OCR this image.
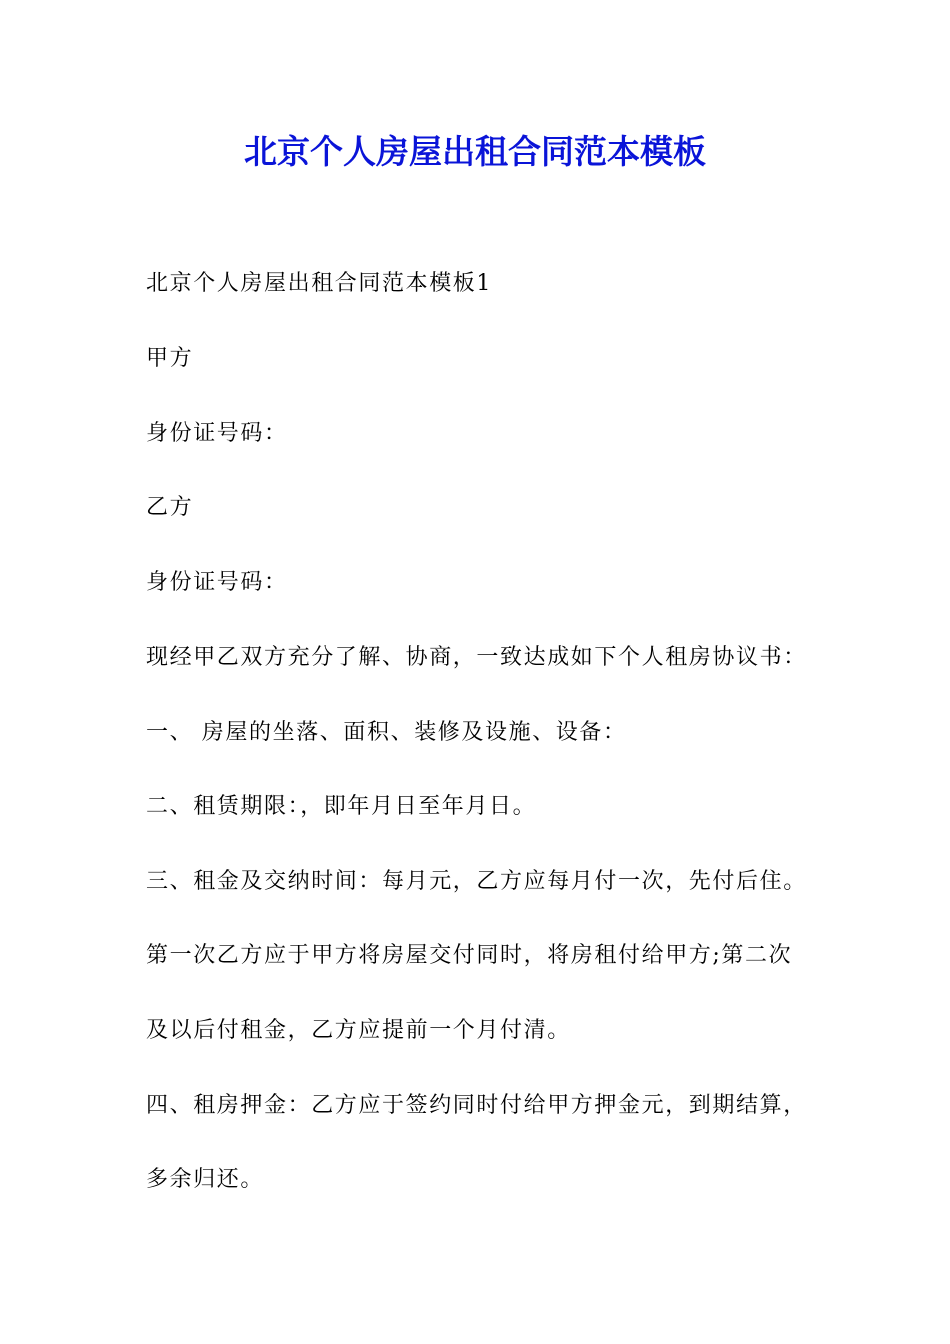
北京个人房屋出租合同范本模板
北京个人房屋出租合同范本模板1
甲方
身份证号码：
乙方
身份证号码：
现经甲乙双方充分了解、协商，一致达成如下个人租房协议书：
一、 房屋的坐落、面积、装修及设施、设备：
二、租赁期限：，即年月日至年月日。
三、租金及交纳时间：每月元，乙方应每月付一次，先付后住。
第一次乙方应于甲方将房屋交付同时，将房租付给甲方;第二次
及以后付租金，乙方应提前一个月付清。
四、租房押金：乙方应于签约同时付给甲方押金元，到期结算，
多余归还。
